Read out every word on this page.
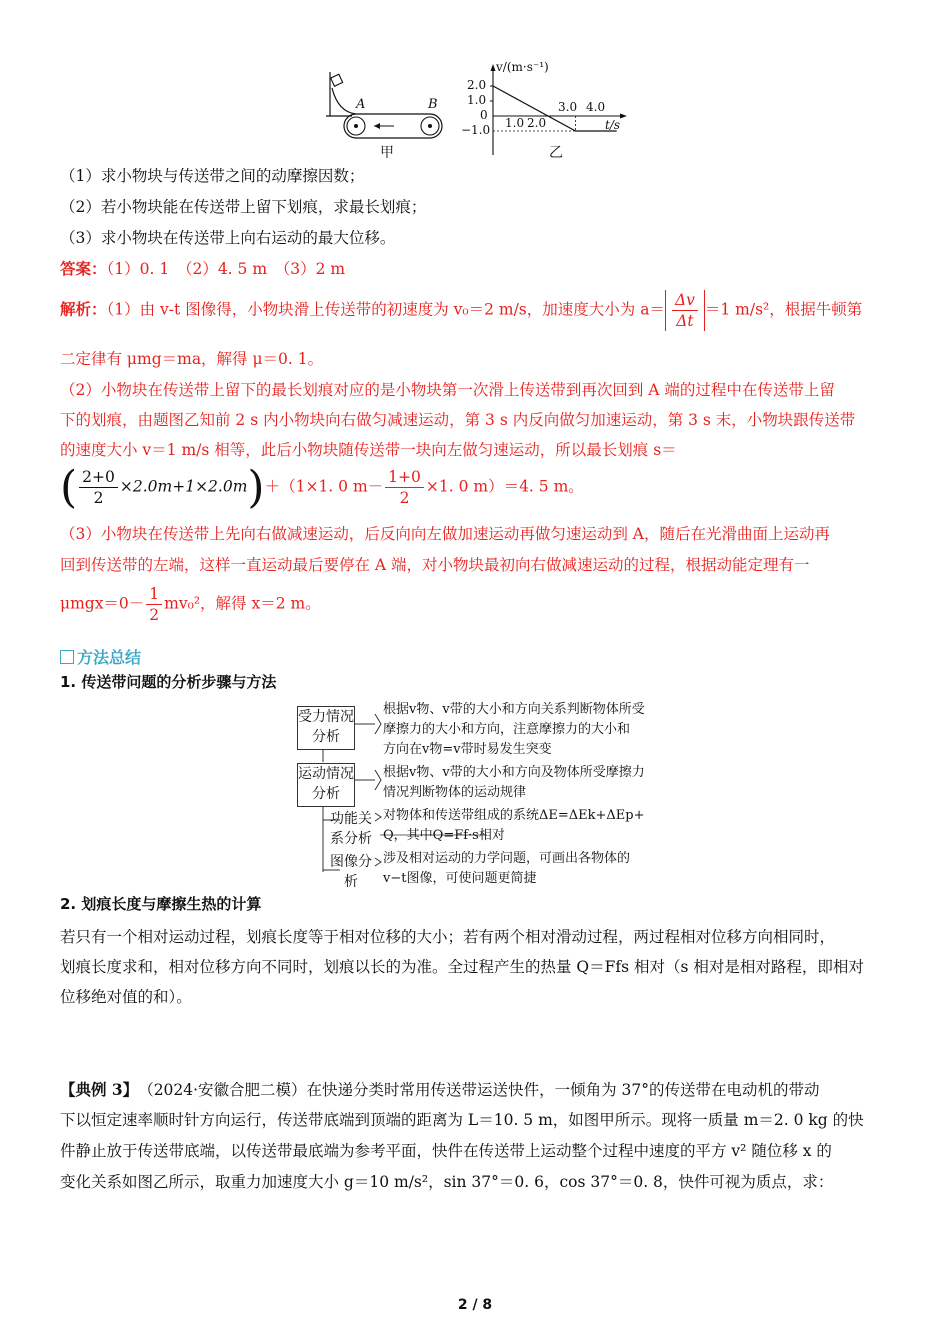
A	B
甲
v/(m·s⁻¹)
2.0
1.0
0
−1.0 1.0 2.0
3.0 4.0
t/s
乙
（1）求小物块与传送带之间的动摩擦因数；
（2）若小物块能在传送带上留下划痕，求最长划痕；
（3）求小物块在传送带上向右运动的最大位移。
答案：（1）0. 1　（2）4. 5 m　（3）2 m
解析：（1）由 v-t 图像得，小物块滑上传送带的初速度为 v₀＝2 m/s，加速度大小为 $a= \frac{\Delta v}{\Delta t} =1$ m/s²，根据牛顿第
二定律有 μmg＝ma，解得 μ＝0. 1。
（2）小物块在传送带上留下的最长划痕对应的是小物块第一次滑上传送带到再次回到 A 端的过程中在传送带上留
下的划痕，由题图乙知前 2 s 内小物块向右做匀减速运动，第 3 s 内反向做匀加速运动，第 3 s 末，小物块跟传送带
的速度大小 v＝1 m/s 相等，此后小物块随传送带一块向左做匀速运动，所以最长划痕 s＝
( $\frac{2+0}{2} \times 2.0m+1\times 2.0m)+(1\times 1$. 0 $m- \frac{1+0}{2} \times 1$. 0 m）＝4. 5 m。
（3）小物块在传送带上先向右做减速运动，后反向向左做加速运动再做匀速运动到 A，随后在光滑曲面上运动再
回到传送带的左端，这样一直运动最后要停在 A 端，对小物块最初向右做减速运动的过程，根据动能定理有一
$\mu mgx=0- \frac{1}{2} mv_0^2$，解得 x＝2 m。
方法总结
1. 传送带问题的分析步骤与方法
受力情况分析
运动情况分析
功能关系分析
图像分析
根据v物、v带的大小和方向关系判断物体所受
摩擦力的大小和方向，注意摩擦力的大小和
方向在v物=v带时易发生突变
根据v物、v带的大小和方向及物体所受摩擦力
情况判断物体的运动规律
对物体和传送带组成的系统ΔE=ΔEk+ΔEp+
Q，其中Q=Ff·s相对
涉及相对运动的力学问题，可画出各物体的
v−t图像，可使问题更简捷
2. 划痕长度与摩擦生热的计算
若只有一个相对运动过程，划痕长度等于相对位移的大小；若有两个相对滑动过程，两过程相对位移方向相同时，
划痕长度求和，相对位移方向不同时，划痕以长的为准。全过程产生的热量 Q＝Ffs 相对（s 相对是相对路程，即相对
位移绝对值的和）。
【典例 3】　（2024·安徽合肥二模）在快递分类时常用传送带运送快件，一倾角为 37°的传送带在电动机的带动
下以恒定速率顺时针方向运行，传送带底端到顶端的距离为 L＝10. 5 m，如图甲所示。现将一质量 m＝2. 0 kg 的快
件静止放于传送带底端，以传送带最底端为参考平面，快件在传送带上运动整个过程中速度的平方 v² 随位移 x 的
变化关系如图乙所示，取重力加速度大小 g＝10 m/s²，sin 37°＝0. 6，cos 37°＝0. 8，快件可视为质点，求：
2 / 8
